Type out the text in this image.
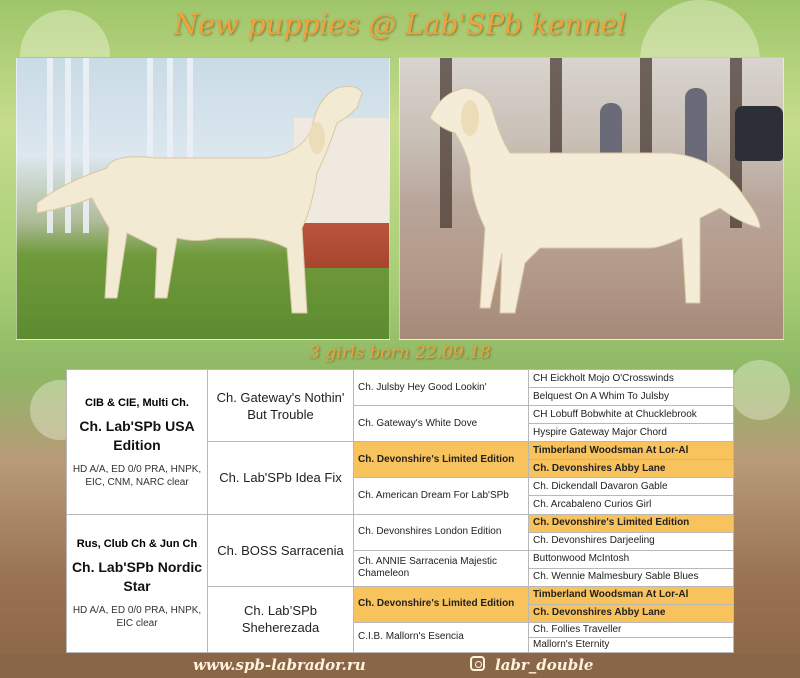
New puppies @ Lab'SPb kennel
3 girls born 22.09.18
CIB & CIE, Multi Ch.
Ch. Lab'SPb USA Edition
HD A/A, ED 0/0 PRA, HNPK, EIC, CNM, NARC clear	Ch. Gateway's Nothin' But Trouble	Ch. Julsby Hey Good Lookin'	CH Eickholt Mojo O'Crosswinds
			Belquest On A Whim To Julsby
		Ch. Gateway's White Dove	CH Lobuff Bobwhite at Chucklebrook
			Hyspire Gateway Major Chord
	Ch. Lab'SPb Idea Fix	Ch. Devonshire's Limited Edition	Timberland Woodsman At Lor-Al
			Ch. Devonshires Abby Lane
		Ch. American Dream For Lab'SPb	Ch. Dickendall Davaron Gable
			Ch. Arcabaleno Curios Girl

Rus, Club Ch & Jun Ch
Ch. Lab'SPb Nordic Star
HD A/A, ED 0/0 PRA, HNPK, EIC clear	Ch. BOSS Sarracenia	Ch. Devonshires London Edition	Ch. Devonshire's Limited Edition
			Ch. Devonshires Darjeeling
		Ch. ANNIE Sarracenia Majestic Chameleon	Buttonwood McIntosh
			Ch. Wennie Malmesbury Sable Blues
	Ch. Lab’SPb Sheherezada	Ch. Devonshire's Limited Edition	Timberland Woodsman At Lor-Al
			Ch. Devonshires Abby Lane
		C.I.B. Mallorn's Esencia	Ch. Follies Traveller
			Mallorn's Eternity
www.spb-labrador.ru	labr_double
